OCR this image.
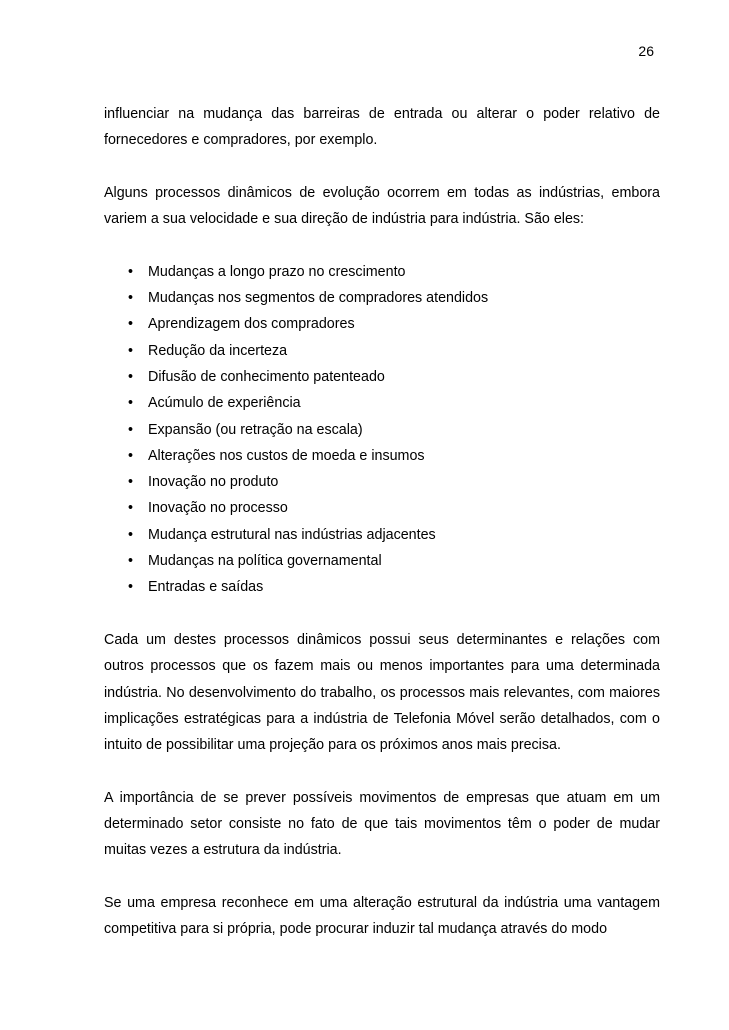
26

influenciar na mudança das barreiras de entrada ou alterar o poder relativo de fornecedores e compradores, por exemplo.

Alguns processos dinâmicos de evolução ocorrem em todas as indústrias, embora variem a sua velocidade e sua direção de indústria para indústria. São eles:

• Mudanças a longo prazo no crescimento
• Mudanças nos segmentos de compradores atendidos
• Aprendizagem dos compradores
• Redução da incerteza
• Difusão de conhecimento patenteado
• Acúmulo de experiência
• Expansão (ou retração na escala)
• Alterações nos custos de moeda e insumos
• Inovação no produto
• Inovação no processo
• Mudança estrutural nas indústrias adjacentes
• Mudanças na política governamental
• Entradas e saídas

Cada um destes processos dinâmicos possui seus determinantes e relações com outros processos que os fazem mais ou menos importantes para uma determinada indústria. No desenvolvimento do trabalho, os processos mais relevantes, com maiores implicações estratégicas para a indústria de Telefonia Móvel serão detalhados, com o intuito de possibilitar uma projeção para os próximos anos mais precisa.

A importância de se prever possíveis movimentos de empresas que atuam em um determinado setor consiste no fato de que tais movimentos têm o poder de mudar muitas vezes a estrutura da indústria.

Se uma empresa reconhece em uma alteração estrutural da indústria uma vantagem competitiva para si própria, pode procurar induzir tal mudança através do modo
